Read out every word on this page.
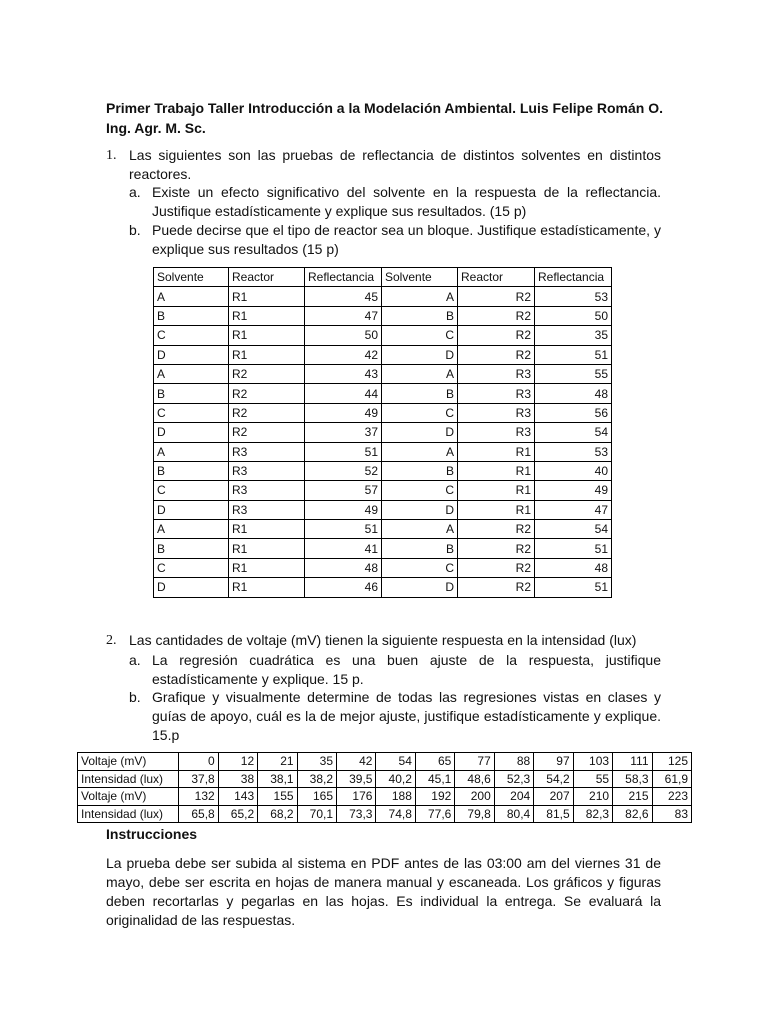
Primer Trabajo Taller Introducción a la Modelación Ambiental. Luis Felipe Román O. Ing. Agr. M. Sc.
1. Las siguientes son las pruebas de reflectancia de distintos solventes en distintos reactores.
a. Existe un efecto significativo del solvente en la respuesta de la reflectancia. Justifique estadísticamente y explique sus resultados. (15 p)
b. Puede decirse que el tipo de reactor sea un bloque. Justifique estadísticamente, y explique sus resultados (15 p)
Solvente	Reactor	Reflectancia	Solvente	Reactor	Reflectancia
A	R1	45	A	R2	53
B	R1	47	B	R2	50
C	R1	50	C	R2	35
D	R1	42	D	R2	51
A	R2	43	A	R3	55
B	R2	44	B	R3	48
C	R2	49	C	R3	56
D	R2	37	D	R3	54
A	R3	51	A	R1	53
B	R3	52	B	R1	40
C	R3	57	C	R1	49
D	R3	49	D	R1	47
A	R1	51	A	R2	54
B	R1	41	B	R2	51
C	R1	48	C	R2	48
D	R1	46	D	R2	51
2. Las cantidades de voltaje (mV) tienen la siguiente respuesta en la intensidad (lux)
a. La regresión cuadrática es una buen ajuste de la respuesta, justifique estadísticamente y explique. 15 p.
b. Grafique y visualmente determine de todas las regresiones vistas en clases y guías de apoyo, cuál es la de mejor ajuste, justifique estadísticamente y explique. 15.p
Voltaje (mV)	0	12	21	35	42	54	65	77	88	97	103	111	125
Intensidad (lux)	37,8	38	38,1	38,2	39,5	40,2	45,1	48,6	52,3	54,2	55	58,3	61,9
Voltaje (mV)	132	143	155	165	176	188	192	200	204	207	210	215	223
Intensidad (lux)	65,8	65,2	68,2	70,1	73,3	74,8	77,6	79,8	80,4	81,5	82,3	82,6	83
Instrucciones
La prueba debe ser subida al sistema en PDF antes de las 03:00 am del viernes 31 de mayo, debe ser escrita en hojas de manera manual y escaneada. Los gráficos y figuras deben recortarlas y pegarlas en las hojas. Es individual la entrega. Se evaluará la originalidad de las respuestas.
